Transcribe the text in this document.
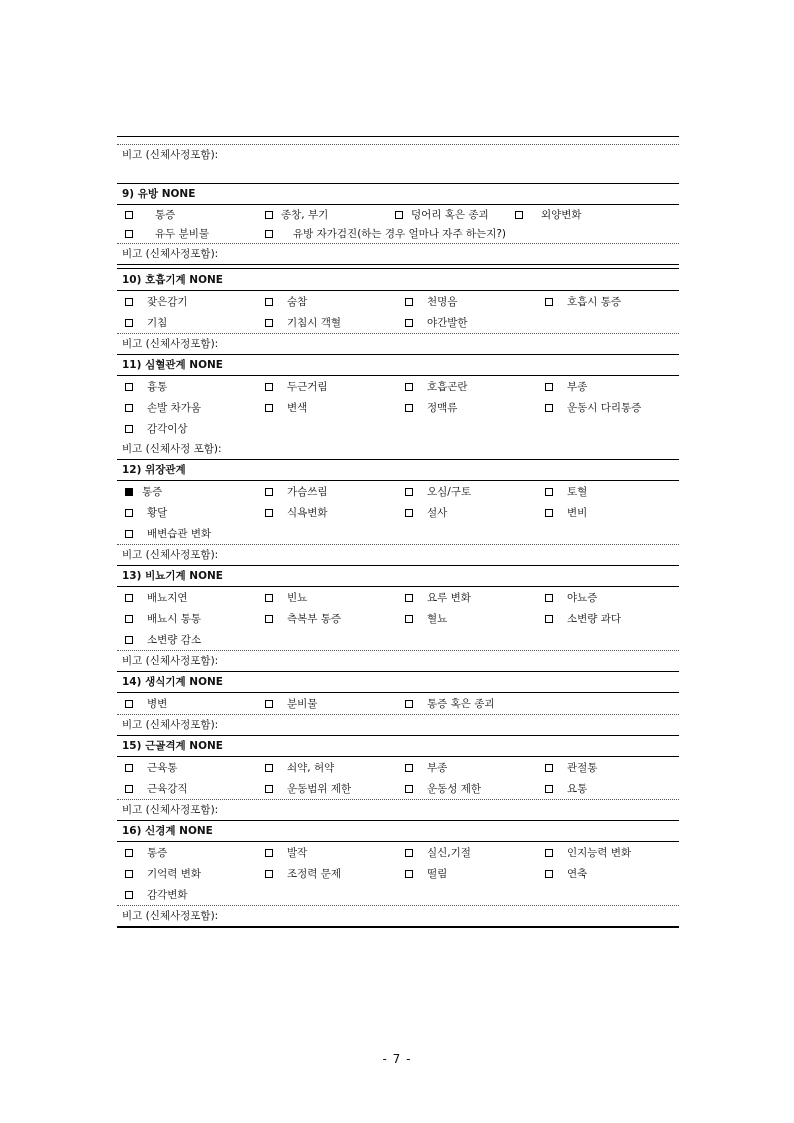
비고 (신체사정포함):
9) 유방 NONE
통증	종창, 부기	덩어리 혹은 종괴	외양변화
유두 분비물	유방 자가검진(하는 경우 얼마나 자주 하는지?)
비고 (신체사정포함):
10) 호흡기계 NONE
잦은감기	숨참	천명음	호흡시 통증
기침	기침시 객혈	야간발한
비고 (신체사정포함):
11) 심혈관계 NONE
흉통	두근거림	호흡곤란	부종
손발 차가움	변색	정맥류	운동시 다리통증
감각이상
비고 (신체사정 포함):
12) 위장관계
통증	가슴쓰림	오심/구토	토혈
황달	식욕변화	설사	변비
배변습관 변화
비고 (신체사정포함):
13) 비뇨기계 NONE
배뇨지연	빈뇨	요루 변화	야뇨증
배뇨시 통통	측복부 통증	혈뇨	소변량 과다
소변량 감소
비고 (신체사정포함):
14) 생식기계 NONE
병변	분비물	통증 혹은 종괴
비고 (신체사정포함):
15) 근골격계 NONE
근육통	쇠약, 허약	부종	관절통
근육강직	운동범위 제한	운동성 제한	요통
비고 (신체사정포함):
16) 신경계 NONE
통증	발작	실신,기절	인지능력 변화
기억력 변화	조정력 문제	떨림	연축
감각변화
비고 (신체사정포함):
- 7 -
